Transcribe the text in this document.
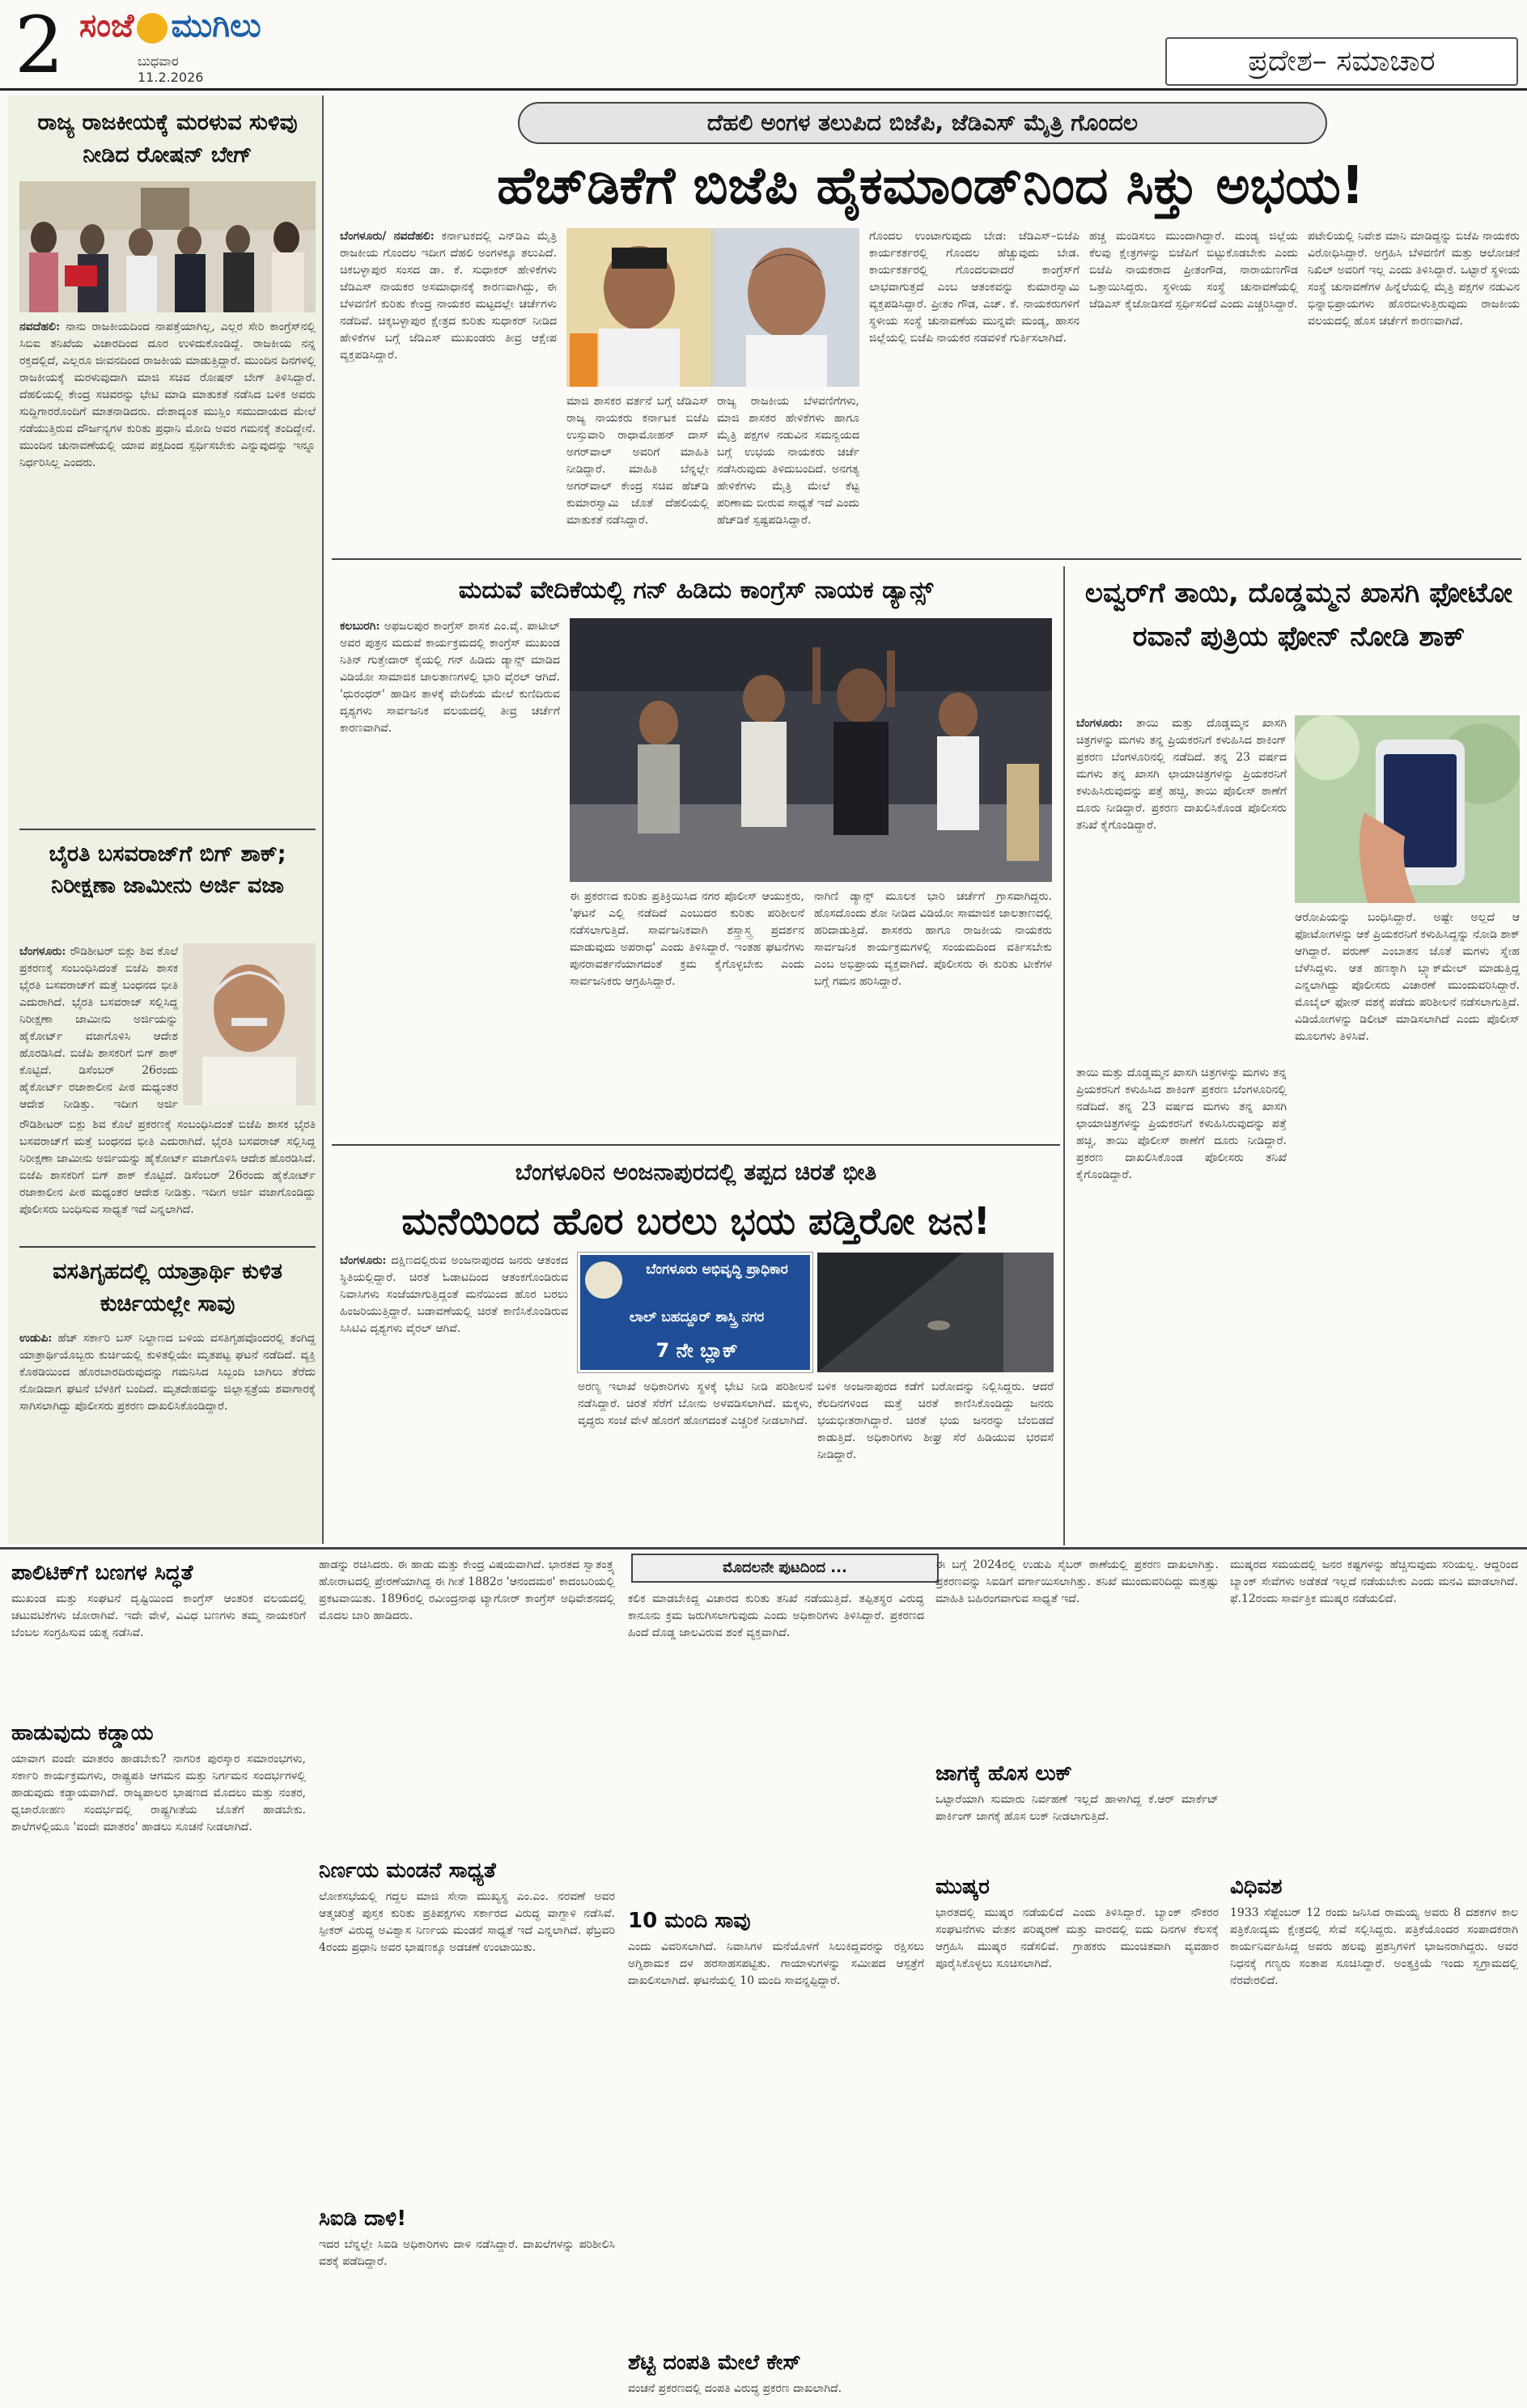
2 ಸಂಜೆ ಮುಗಿಲು
ಬುಧವಾರ
11.2.2026	ಪ್ರದೇಶ– ಸಮಾಚಾರ
ರಾಜ್ಯ ರಾಜಕೀಯಕ್ಕೆ ಮರಳುವ ಸುಳಿವು ನೀಡಿದ ರೋಷನ್ ಬೇಗ್
ನವದೆಹಲಿ: ನಾನು ರಾಜಕೀಯದಿಂದ ನಾಪತ್ತೆಯಾಗಿಲ್ಲ, ಎಲ್ಲರ ಸೇರಿ ಕಾಂಗ್ರೆಸ್‌ನಲ್ಲಿ ಸಿಬಿಐ ತನಿಖೆಯ ವಿಚಾರದಿಂದ ದೂರ ಉಳಿದುಕೊಂಡಿದ್ದೆ. ರಾಜಕೀಯ ನನ್ನ ರಕ್ತದಲ್ಲಿದೆ, ಎಲ್ಲರೂ ಜೀವನದಿಂದ ರಾಜಕೀಯ ಮಾಡುತ್ತಿದ್ದಾರೆ. ಮುಂದಿನ ದಿನಗಳಲ್ಲಿ ರಾಜಕೀಯಕ್ಕೆ ಮರಳುವುದಾಗಿ ಮಾಜಿ ಸಚಿವ ರೋಷನ್ ಬೇಗ್ ತಿಳಿಸಿದ್ದಾರೆ. ದೆಹಲಿಯಲ್ಲಿ ಕೇಂದ್ರ ಸಚಿವರನ್ನು ಭೇಟಿ ಮಾಡಿ ಮಾತುಕತೆ ನಡೆಸಿದ ಬಳಿಕ ಅವರು ಸುದ್ದಿಗಾರರೊಂದಿಗೆ ಮಾತನಾಡಿದರು. ದೇಶಾದ್ಯಂತ ಮುಸ್ಲಿಂ ಸಮುದಾಯದ ಮೇಲೆ ನಡೆಯುತ್ತಿರುವ ದೌರ್ಜನ್ಯಗಳ ಕುರಿತು ಪ್ರಧಾನಿ ಮೋದಿ ಅವರ ಗಮನಕ್ಕೆ ತಂದಿದ್ದೇನೆ. ಮುಂದಿನ ಚುನಾವಣೆಯಲ್ಲಿ ಯಾವ ಪಕ್ಷದಿಂದ ಸ್ಪರ್ಧಿಸಬೇಕು ಎನ್ನುವುದನ್ನು ಇನ್ನೂ ನಿರ್ಧರಿಸಿಲ್ಲ ಎಂದರು.
ಬೈರತಿ ಬಸವರಾಜ್‌ಗೆ ಬಿಗ್ ಶಾಕ್; ನಿರೀಕ್ಷಣಾ ಜಾಮೀನು ಅರ್ಜಿ ವಜಾ
ಬೆಂಗಳೂರು: ರೌಡಿಶೀಟರ್ ಬಿಕ್ಲು ಶಿವ ಕೊಲೆ ಪ್ರಕರಣಕ್ಕೆ ಸಂಬಂಧಿಸಿದಂತೆ ಬಿಜೆಪಿ ಶಾಸಕ ಭೈರತಿ ಬಸವರಾಜ್‌ಗೆ ಮತ್ತೆ ಬಂಧನದ ಭೀತಿ ಎದುರಾಗಿದೆ. ಭೈರತಿ ಬಸವರಾಜ್ ಸಲ್ಲಿಸಿದ್ದ ನಿರೀಕ್ಷಣಾ ಜಾಮೀನು ಅರ್ಜಿಯನ್ನು ಹೈಕೋರ್ಟ್ ವಜಾಗೊಳಿಸಿ ಆದೇಶ ಹೊರಡಿಸಿದೆ. ಬಿಜೆಪಿ ಶಾಸಕರಿಗೆ ಬಿಗ್ ಶಾಕ್ ಕೊಟ್ಟಿದೆ. ಡಿಸೆಂಬರ್ 26ರಂದು ಹೈಕೋರ್ಟ್ ರಜಾಕಾಲೀನ ಪೀಠ ಮಧ್ಯಂತರ ಆದೇಶ ನೀಡಿತ್ತು. ಇದೀಗ ಅರ್ಜಿ
ರೌಡಿಶೀಟರ್ ಬಿಕ್ಲು ಶಿವ ಕೊಲೆ ಪ್ರಕರಣಕ್ಕೆ ಸಂಬಂಧಿಸಿದಂತೆ ಬಿಜೆಪಿ ಶಾಸಕ ಭೈರತಿ ಬಸವರಾಜ್‌ಗೆ ಮತ್ತೆ ಬಂಧನದ ಭೀತಿ ಎದುರಾಗಿದೆ. ಭೈರತಿ ಬಸವರಾಜ್ ಸಲ್ಲಿಸಿದ್ದ ನಿರೀಕ್ಷಣಾ ಜಾಮೀನು ಅರ್ಜಿಯನ್ನು ಹೈಕೋರ್ಟ್ ವಜಾಗೊಳಿಸಿ ಆದೇಶ ಹೊರಡಿಸಿದೆ. ಬಿಜೆಪಿ ಶಾಸಕರಿಗೆ ಬಿಗ್ ಶಾಕ್ ಕೊಟ್ಟಿದೆ. ಡಿಸೆಂಬರ್ 26ರಂದು ಹೈಕೋರ್ಟ್ ರಜಾಕಾಲೀನ ಪೀಠ ಮಧ್ಯಂತರ ಆದೇಶ ನೀಡಿತ್ತು. ಇದೀಗ ಅರ್ಜಿ ವಜಾಗೊಂಡಿದ್ದು ಪೊಲೀಸರು ಬಂಧಿಸುವ ಸಾಧ್ಯತೆ ಇದೆ ಎನ್ನಲಾಗಿದೆ.
ವಸತಿಗೃಹದಲ್ಲಿ ಯಾತ್ರಾರ್ಥಿ ಕುಳಿತ ಕುರ್ಚಿಯಲ್ಲೇ ಸಾವು
ಉಡುಪಿ: ಹೆಚ್ ಸರ್ಕಾರಿ ಬಸ್ ನಿಲ್ದಾಣದ ಬಳಿಯ ವಸತಿಗೃಹವೊಂದರಲ್ಲಿ ತಂಗಿದ್ದ ಯಾತ್ರಾರ್ಥಿಯೊಬ್ಬರು ಕುರ್ಚಿಯಲ್ಲಿ ಕುಳಿತಲ್ಲಿಯೇ ಮೃತಪಟ್ಟ ಘಟನೆ ನಡೆದಿದೆ. ವ್ಯಕ್ತಿ ಕೊಠಡಿಯಿಂದ ಹೊರಬಾರದಿರುವುದನ್ನು ಗಮನಿಸಿದ ಸಿಬ್ಬಂದಿ ಬಾಗಿಲು ತೆರೆದು ನೋಡಿದಾಗ ಘಟನೆ ಬೆಳಕಿಗೆ ಬಂದಿದೆ. ಮೃತದೇಹವನ್ನು ಜಿಲ್ಲಾಸ್ಪತ್ರೆಯ ಶವಾಗಾರಕ್ಕೆ ಸಾಗಿಸಲಾಗಿದ್ದು ಪೊಲೀಸರು ಪ್ರಕರಣ ದಾಖಲಿಸಿಕೊಂಡಿದ್ದಾರೆ.
ದೆಹಲಿ ಅಂಗಳ ತಲುಪಿದ ಬಿಜೆಪಿ, ಜೆಡಿಎಸ್ ಮೈತ್ರಿ ಗೊಂದಲ
ಹೆಚ್‌ಡಿಕೆಗೆ ಬಿಜೆಪಿ ಹೈಕಮಾಂಡ್‌ನಿಂದ ಸಿಕ್ತು ಅಭಯ!
ಬೆಂಗಳೂರು/ ನವದೆಹಲಿ: ಕರ್ನಾಟಕದಲ್ಲಿ ಎನ್‌ಡಿಎ ಮೈತ್ರಿ ರಾಜಕೀಯ ಗೊಂದಲ ಇದೀಗ ದೆಹಲಿ ಅಂಗಳಕ್ಕೂ ತಲುಪಿದೆ. ಚಿಕಬಳ್ಳಾಪುರ ಸಂಸದ ಡಾ. ಕೆ. ಸುಧಾಕರ್ ಹೇಳಿಕೆಗಳು ಜೆಡಿಎಸ್ ನಾಯಕರ ಅಸಮಾಧಾನಕ್ಕೆ ಕಾರಣವಾಗಿದ್ದು, ಈ ಬೆಳವಣಿಗೆ ಕುರಿತು ಕೇಂದ್ರ ನಾಯಕರ ಮಟ್ಟದಲ್ಲೇ ಚರ್ಚೆಗಳು ನಡೆದಿವೆ. ಚಿಕ್ಕಬಳ್ಳಾಪುರ ಕ್ಷೇತ್ರದ ಕುರಿತು ಸುಧಾಕರ್ ನೀಡಿದ ಹೇಳಿಕೆಗಳ ಬಗ್ಗೆ ಜೆಡಿಎಸ್ ಮುಖಂಡರು ತೀವ್ರ ಆಕ್ಷೇಪ ವ್ಯಕ್ತಪಡಿಸಿದ್ದಾರೆ.
ಮಾಜಿ ಶಾಸಕರ ವರ್ತನೆ ಬಗ್ಗೆ ಜೆಡಿಎಸ್ ರಾಜ್ಯ ನಾಯಕರು ಕರ್ನಾಟಕ ಬಿಜೆಪಿ ಉಸ್ತುವಾರಿ ರಾಧಾಮೋಹನ್ ದಾಸ್ ಅಗರ್‌ವಾಲ್ ಅವರಿಗೆ ಮಾಹಿತಿ ನೀಡಿದ್ದಾರೆ. ಮಾಹಿತಿ ಬೆನ್ನಲ್ಲೇ ಅಗರ್‌ವಾಲ್ ಕೇಂದ್ರ ಸಚಿವ ಹೆಚ್‌ಡಿ ಕುಮಾರಸ್ವಾಮಿ ಜೊತೆ ದೆಹಲಿಯಲ್ಲಿ ಮಾತುಕತೆ ನಡೆಸಿದ್ದಾರೆ.
ರಾಜ್ಯ ರಾಜಕೀಯ ಬೆಳವಣಿಗೆಗಳು, ಮಾಜಿ ಶಾಸಕರ ಹೇಳಿಕೆಗಳು ಹಾಗೂ ಮೈತ್ರಿ ಪಕ್ಷಗಳ ನಡುವಿನ ಸಮನ್ವಯದ ಬಗ್ಗೆ ಉಭಯ ನಾಯಕರು ಚರ್ಚೆ ನಡೆಸಿರುವುದು ತಿಳಿದುಬಂದಿದೆ. ಅನಗತ್ಯ ಹೇಳಿಕೆಗಳು ಮೈತ್ರಿ ಮೇಲೆ ಕೆಟ್ಟ ಪರಿಣಾಮ ಬೀರುವ ಸಾಧ್ಯತೆ ಇದೆ ಎಂದು ಹೆಚ್‌ಡಿಕೆ ಸ್ಪಷ್ಟಪಡಿಸಿದ್ದಾರೆ.
ಗೊಂದಲ ಉಂಟಾಗುವುದು ಬೇಡ: ಜೆಡಿಎಸ್–ಬಿಜೆಪಿ ಕಾರ್ಯಕರ್ತರಲ್ಲಿ ಗೊಂದಲ ಹೆಚ್ಚುವುದು ಬೇಡ. ಕಾರ್ಯಕರ್ತರಲ್ಲಿ ಗೊಂದಲವಾದರೆ ಕಾಂಗ್ರೆಸ್‌ಗೆ ಲಾಭವಾಗುತ್ತದೆ ಎಂಬ ಆತಂಕವನ್ನು ಕುಮಾರಸ್ವಾಮಿ ವ್ಯಕ್ತಪಡಿಸಿದ್ದಾರೆ. ಪ್ರೀತಂ ಗೌಡ, ಎಚ್. ಕೆ. ನಾಯಕರುಗಳಿಗೆ ಸ್ಥಳೀಯ ಸಂಸ್ಥೆ ಚುನಾವಣೆಯ ಮುನ್ನವೇ ಮಂಡ್ಯ, ಹಾಸನ ಜಿಲ್ಲೆಯಲ್ಲಿ ಬಿಜೆಪಿ ನಾಯಕರ ನಡವಳಿಕೆ ಗುರ್ತಿಸಲಾಗಿದೆ.
ಹಚ್ಚ ಮಂಡಿಸಲು ಮುಂದಾಗಿದ್ದಾರೆ. ಮಂಡ್ಯ ಜಿಲ್ಲೆಯ ಕೆಲವು ಕ್ಷೇತ್ರಗಳನ್ನು ಬಿಜೆಪಿಗೆ ಬಿಟ್ಟುಕೊಡಬೇಕು ಎಂದು ಬಿಜೆಪಿ ನಾಯಕರಾದ ಪ್ರೀತಂಗೌಡ, ನಾರಾಯಣಗೌಡ ಒತ್ತಾಯಿಸಿದ್ದರು. ಸ್ಥಳೀಯ ಸಂಸ್ಥೆ ಚುನಾವಣೆಯಲ್ಲಿ ಜೆಡಿಎಸ್ ಕೈಜೋಡಿಸದೆ ಸ್ಪರ್ಧಿಸಲಿದೆ ಎಂದು ಎಚ್ಚರಿಸಿದ್ದಾರೆ.
ಪಟೇಲಿಯಲ್ಲಿ ನಿವೇಶ ಮಾನಿ ಮಾಡಿದ್ದನ್ನು ಬಿಜೆಪಿ ನಾಯಕರು ವಿರೋಧಿಸಿದ್ದಾರೆ. ಅಗ್ರಹಿಸಿ ಬೆಳವಣಿಗೆ ಮತ್ತು ಆಲೋಚನೆ ನಿಖಿಲ್ ಅವರಿಗೆ ಇಲ್ಲ ಎಂದು ತಿಳಿಸಿದ್ದಾರೆ. ಒಟ್ಟಾರೆ ಸ್ಥಳೀಯ ಸಂಸ್ಥೆ ಚುನಾವಣೆಗಳ ಹಿನ್ನೆಲೆಯಲ್ಲಿ ಮೈತ್ರಿ ಪಕ್ಷಗಳ ನಡುವಿನ ಭಿನ್ನಾಭಿಪ್ರಾಯಗಳು ಹೊರಬೀಳುತ್ತಿರುವುದು ರಾಜಕೀಯ ವಲಯದಲ್ಲಿ ಹೊಸ ಚರ್ಚೆಗೆ ಕಾರಣವಾಗಿದೆ.
ಮದುವೆ ವೇದಿಕೆಯಲ್ಲಿ ಗನ್ ಹಿಡಿದು ಕಾಂಗ್ರೆಸ್ ನಾಯಕ ಡ್ಯಾನ್ಸ್
ಕಲಬುರಗಿ: ಅಫಜಲಪುರ ಕಾಂಗ್ರೆಸ್ ಶಾಸಕ ಎಂ.ವೈ. ಪಾಟೀಲ್ ಅವರ ಪುತ್ರನ ಮದುವೆ ಕಾರ್ಯಕ್ರಮದಲ್ಲಿ ಕಾಂಗ್ರೆಸ್ ಮುಖಂಡ ನಿತಿನ್ ಗುತ್ತೇದಾರ್ ಕೈಯಲ್ಲಿ ಗನ್ ಹಿಡಿದು ಡ್ಯಾನ್ಸ್ ಮಾಡಿದ ವಿಡಿಯೋ ಸಾಮಾಜಿಕ ಜಾಲತಾಣಗಳಲ್ಲಿ ಭಾರಿ ವೈರಲ್ ಆಗಿದೆ. 'ಧುರಂಧರ್' ಹಾಡಿನ ತಾಳಕ್ಕೆ ವೇದಿಕೆಯ ಮೇಲೆ ಕುಣಿದಿರುವ ದೃಶ್ಯಗಳು ಸಾರ್ವಜನಿಕ ವಲಯದಲ್ಲಿ ತೀವ್ರ ಚರ್ಚೆಗೆ ಕಾರಣವಾಗಿವೆ.
ಈ ಪ್ರಕರಣದ ಕುರಿತು ಪ್ರತಿಕ್ರಿಯಿಸಿದ ನಗರ ಪೊಲೀಸ್ ಆಯುಕ್ತರು, 'ಘಟನೆ ಎಲ್ಲಿ ನಡೆದಿದೆ ಎಂಬುದರ ಕುರಿತು ಪರಿಶೀಲನೆ ನಡೆಸಲಾಗುತ್ತಿದೆ. ಸಾರ್ವಜನಿಕವಾಗಿ ಶಸ್ತ್ರಾಸ್ತ್ರ ಪ್ರದರ್ಶನ ಮಾಡುವುದು ಅಪರಾಧ' ಎಂದು ತಿಳಿಸಿದ್ದಾರೆ. ಇಂತಹ ಘಟನೆಗಳು ಪುನರಾವರ್ತನೆಯಾಗದಂತೆ ಕ್ರಮ ಕೈಗೊಳ್ಳಬೇಕು ಎಂದು ಸಾರ್ವಜನಿಕರು ಆಗ್ರಹಿಸಿದ್ದಾರೆ.
ನಾಗಿಣಿ ಡ್ಯಾನ್ಸ್ ಮೂಲಕ ಭಾರಿ ಚರ್ಚೆಗೆ ಗ್ರಾಸವಾಗಿದ್ದರು. ಹೊಸದೊಂದು ಶೋ ನೀಡಿದ ವಿಡಿಯೋ ಸಾಮಾಜಿಕ ಜಾಲತಾಣದಲ್ಲಿ ಹರಿದಾಡುತ್ತಿದೆ. ಶಾಸಕರು ಹಾಗೂ ರಾಜಕೀಯ ನಾಯಕರು ಸಾರ್ವಜನಿಕ ಕಾರ್ಯಕ್ರಮಗಳಲ್ಲಿ ಸಂಯಮದಿಂದ ವರ್ತಿಸಬೇಕು ಎಂಬ ಅಭಿಪ್ರಾಯ ವ್ಯಕ್ತವಾಗಿದೆ. ಪೊಲೀಸರು ಈ ಕುರಿತು ಟೀಕೆಗಳ ಬಗ್ಗೆ ಗಮನ ಹರಿಸಿದ್ದಾರೆ.
ಲವ್ವರ್‌ಗೆ ತಾಯಿ, ದೊಡ್ಡಮ್ಮನ ಖಾಸಗಿ ಫೋಟೋ ರವಾನೆ ಪುತ್ರಿಯ ಫೋನ್ ನೋಡಿ ಶಾಕ್
ಬೆಂಗಳೂರು: ತಾಯಿ ಮತ್ತು ದೊಡ್ಡಮ್ಮನ ಖಾಸಗಿ ಚಿತ್ರಗಳನ್ನು ಮಗಳು ತನ್ನ ಪ್ರಿಯಕರನಿಗೆ ಕಳುಹಿಸಿದ ಶಾಕಿಂಗ್ ಪ್ರಕರಣ ಬೆಂಗಳೂರಿನಲ್ಲಿ ನಡೆದಿದೆ. ತನ್ನ 23 ವರ್ಷದ ಮಗಳು ತನ್ನ ಖಾಸಗಿ ಛಾಯಾಚಿತ್ರಗಳನ್ನು ಪ್ರಿಯಕರನಿಗೆ ಕಳುಹಿಸಿರುವುದನ್ನು ಪತ್ತೆ ಹಚ್ಚಿ, ತಾಯಿ ಪೊಲೀಸ್ ಠಾಣೆಗೆ ದೂರು ನೀಡಿದ್ದಾರೆ. ಪ್ರಕರಣ ದಾಖಲಿಸಿಕೊಂಡ ಪೊಲೀಸರು ತನಿಖೆ ಕೈಗೊಂಡಿದ್ದಾರೆ.
ಆರೋಪಿಯನ್ನು ಬಂಧಿಸಿದ್ದಾರೆ. ಅಷ್ಟೇ ಅಲ್ಲದೆ ಆ ಫೋಟೋಗಳನ್ನು ಆಕೆ ಪ್ರಿಯಕರನಿಗೆ ಕಳುಹಿಸಿದ್ದನ್ನು ನೋಡಿ ಶಾಕ್ ಆಗಿದ್ದಾರೆ. ವರುಣ್ ಎಂಬಾತನ ಜೊತೆ ಮಗಳು ಸ್ನೇಹ ಬೆಳೆಸಿದ್ದಳು. ಆತ ಹಣಕ್ಕಾಗಿ ಬ್ಲ್ಯಾಕ್‌ಮೇಲ್ ಮಾಡುತ್ತಿದ್ದ ಎನ್ನಲಾಗಿದ್ದು ಪೊಲೀಸರು ವಿಚಾರಣೆ ಮುಂದುವರಿಸಿದ್ದಾರೆ. ಮೊಬೈಲ್ ಫೋನ್ ವಶಕ್ಕೆ ಪಡೆದು ಪರಿಶೀಲನೆ ನಡೆಸಲಾಗುತ್ತಿದೆ. ವಿಡಿಯೋಗಳನ್ನು ಡಿಲೀಟ್ ಮಾಡಿಸಲಾಗಿದೆ ಎಂದು ಪೊಲೀಸ್ ಮೂಲಗಳು ತಿಳಿಸಿವೆ.
ತಾಯಿ ಮತ್ತು ದೊಡ್ಡಮ್ಮನ ಖಾಸಗಿ ಚಿತ್ರಗಳನ್ನು ಮಗಳು ತನ್ನ ಪ್ರಿಯಕರನಿಗೆ ಕಳುಹಿಸಿದ ಶಾಕಿಂಗ್ ಪ್ರಕರಣ ಬೆಂಗಳೂರಿನಲ್ಲಿ ನಡೆದಿದೆ. ತನ್ನ 23 ವರ್ಷದ ಮಗಳು ತನ್ನ ಖಾಸಗಿ ಛಾಯಾಚಿತ್ರಗಳನ್ನು ಪ್ರಿಯಕರನಿಗೆ ಕಳುಹಿಸಿರುವುದನ್ನು ಪತ್ತೆ ಹಚ್ಚಿ, ತಾಯಿ ಪೊಲೀಸ್ ಠಾಣೆಗೆ ದೂರು ನೀಡಿದ್ದಾರೆ. ಪ್ರಕರಣ ದಾಖಲಿಸಿಕೊಂಡ ಪೊಲೀಸರು ತನಿಖೆ ಕೈಗೊಂಡಿದ್ದಾರೆ.
ಬೆಂಗಳೂರಿನ ಅಂಜನಾಪುರದಲ್ಲಿ ತಪ್ಪದ ಚಿರತೆ ಭೀತಿ
ಮನೆಯಿಂದ ಹೊರ ಬರಲು ಭಯ ಪಡ್ತಿರೋ ಜನ!
ಬೆಂಗಳೂರು: ದಕ್ಷಿಣದಲ್ಲಿರುವ ಅಂಜನಾಪುರದ ಜನರು ಆತಂಕದ ಸ್ಥಿತಿಯಲ್ಲಿದ್ದಾರೆ. ಚಿರತೆ ಓಡಾಟದಿಂದ ಆತಂಕಗೊಂಡಿರುವ ನಿವಾಸಿಗಳು ಸಂಜೆಯಾಗುತ್ತಿದ್ದಂತೆ ಮನೆಯಿಂದ ಹೊರ ಬರಲು ಹಿಂಜರಿಯುತ್ತಿದ್ದಾರೆ. ಬಡಾವಣೆಯಲ್ಲಿ ಚಿರತೆ ಕಾಣಿಸಿಕೊಂಡಿರುವ ಸಿಸಿಟಿವಿ ದೃಶ್ಯಗಳು ವೈರಲ್ ಆಗಿವೆ.
ಬೆಂಗಳೂರು ಅಭಿವೃದ್ಧಿ ಪ್ರಾಧಿಕಾರ
ಲಾಲ್ ಬಹದ್ದೂರ್ ಶಾಸ್ತ್ರಿ ನಗರ
7 ನೇ ಬ್ಲಾಕ್
ಅರಣ್ಯ ಇಲಾಖೆ ಅಧಿಕಾರಿಗಳು ಸ್ಥಳಕ್ಕೆ ಭೇಟಿ ನೀಡಿ ಪರಿಶೀಲನೆ ನಡೆಸಿದ್ದಾರೆ. ಚಿರತೆ ಸೆರೆಗೆ ಬೋನು ಅಳವಡಿಸಲಾಗಿದೆ. ಮಕ್ಕಳು, ವೃದ್ಧರು ಸಂಜೆ ವೇಳೆ ಹೊರಗೆ ಹೋಗದಂತೆ ಎಚ್ಚರಿಕೆ ನೀಡಲಾಗಿದೆ.
ಬಳಿಕ ಅಂಜನಾಪುರದ ಕಡೆಗೆ ಬರೋದನ್ನು ನಿಲ್ಲಿಸಿದ್ದರು. ಆದರೆ ಕೆಲದಿನಗಳಿಂದ ಮತ್ತೆ ಚಿರತೆ ಕಾಣಿಸಿಕೊಂಡಿದ್ದು ಜನರು ಭಯಭೀತರಾಗಿದ್ದಾರೆ. ಚಿರತೆ ಭಯ ಜನರನ್ನು ಬೆಂಬಿಡದೆ ಕಾಡುತ್ತಿದೆ. ಅಧಿಕಾರಿಗಳು ಶೀಘ್ರ ಸೆರೆ ಹಿಡಿಯುವ ಭರವಸೆ ನೀಡಿದ್ದಾರೆ.
ಮೊದಲನೇ ಪುಟದಿಂದ ...
ಪಾಲಿಟಿಕ್‌ಗೆ ಬಣಗಳ ಸಿದ್ಧತೆ
ಮುಖಂಡ ಮತ್ತು ಸಂಘಟನೆ ದೃಷ್ಟಿಯಿಂದ ಕಾಂಗ್ರೆಸ್ ಆಂತರಿಕ ವಲಯದಲ್ಲಿ ಚಟುವಟಿಕೆಗಳು ಜೋರಾಗಿವೆ. ಇದೇ ವೇಳೆ, ವಿವಿಧ ಬಣಗಳು ತಮ್ಮ ನಾಯಕರಿಗೆ ಬೆಂಬಲ ಸಂಗ್ರಹಿಸುವ ಯತ್ನ ನಡೆಸಿವೆ.
ಹಾಡುವುದು ಕಡ್ಡಾಯ
ಯಾವಾಗ ವಂದೇ ಮಾತರಂ ಹಾಡಬೇಕು? ನಾಗರಿಕ ಪುರಸ್ಕಾರ ಸಮಾರಂಭಗಳು, ಸರ್ಕಾರಿ ಕಾರ್ಯಕ್ರಮಗಳು, ರಾಷ್ಟ್ರಪತಿ ಆಗಮನ ಮತ್ತು ನಿರ್ಗಮನ ಸಂದರ್ಭಗಳಲ್ಲಿ ಹಾಡುವುದು ಕಡ್ಡಾಯವಾಗಿದೆ. ರಾಜ್ಯಪಾಲರ ಭಾಷಣದ ಮೊದಲು ಮತ್ತು ನಂತರ, ಧ್ವಜಾರೋಹಣ ಸಂದರ್ಭದಲ್ಲಿ ರಾಷ್ಟ್ರಗೀತೆಯ ಜೊತೆಗೆ ಹಾಡಬೇಕು. ಶಾಲೆಗಳಲ್ಲಿಯೂ 'ವಂದೇ ಮಾತರಂ' ಹಾಡಲು ಸೂಚನೆ ನೀಡಲಾಗಿದೆ.
ಹಾಡನ್ನು ರಚಿಸಿದರು. ಈ ಹಾಡು ಮತ್ತು ಕೇಂದ್ರ ವಿಷಯವಾಗಿದೆ. ಭಾರತದ ಸ್ವಾತಂತ್ರ್ಯ ಹೋರಾಟದಲ್ಲಿ ಪ್ರೇರಣೆಯಾಗಿದ್ದ ಈ ಗೀತೆ 1882ರ 'ಆನಂದಮಠ' ಕಾದಂಬರಿಯಲ್ಲಿ ಪ್ರಕಟವಾಯಿತು. 1896ರಲ್ಲಿ ರವೀಂದ್ರನಾಥ ಟ್ಯಾಗೋರ್ ಕಾಂಗ್ರೆಸ್ ಅಧಿವೇಶನದಲ್ಲಿ ಮೊದಲ ಬಾರಿ ಹಾಡಿದರು.
ನಿರ್ಣಯ ಮಂಡನೆ ಸಾಧ್ಯತೆ
ಲೋಕಸಭೆಯಲ್ಲಿ ಗದ್ದಲ ಮಾಜಿ ಸೇನಾ ಮುಖ್ಯಸ್ಥ ಎಂ.ಎಂ. ನರವಣೆ ಅವರ ಆತ್ಮಚರಿತ್ರೆ ಪುಸ್ತಕ ಕುರಿತು ಪ್ರತಿಪಕ್ಷಗಳು ಸರ್ಕಾರದ ವಿರುದ್ಧ ವಾಗ್ದಾಳಿ ನಡೆಸಿವೆ. ಸ್ಪೀಕರ್ ವಿರುದ್ಧ ಅವಿಶ್ವಾಸ ನಿರ್ಣಯ ಮಂಡನೆ ಸಾಧ್ಯತೆ ಇದೆ ಎನ್ನಲಾಗಿದೆ. ಫೆಬ್ರವರಿ 4ರಂದು ಪ್ರಧಾನಿ ಅವರ ಭಾಷಣಕ್ಕೂ ಅಡಚಣೆ ಉಂಟಾಯಿತು.
ಸಿಐಡಿ ದಾಳಿ!
ಇದರ ಬೆನ್ನಲ್ಲೇ ಸಿಐಡಿ ಅಧಿಕಾರಿಗಳು ದಾಳಿ ನಡೆಸಿದ್ದಾರೆ. ದಾಖಲೆಗಳನ್ನು ಪರಿಶೀಲಿಸಿ ವಶಕ್ಕೆ ಪಡೆದಿದ್ದಾರೆ.
ಕಲಿಕ ಮಾಡಬೇಕಿದ್ದ ವಿಚಾರದ ಕುರಿತು ತನಿಖೆ ನಡೆಯುತ್ತಿದೆ. ತಪ್ಪಿತಸ್ಥರ ವಿರುದ್ಧ ಕಾನೂನು ಕ್ರಮ ಜರುಗಿಸಲಾಗುವುದು ಎಂದು ಅಧಿಕಾರಿಗಳು ತಿಳಿಸಿದ್ದಾರೆ. ಪ್ರಕರಣದ ಹಿಂದೆ ದೊಡ್ಡ ಜಾಲವಿರುವ ಶಂಕೆ ವ್ಯಕ್ತವಾಗಿದೆ.
10 ಮಂದಿ ಸಾವು
ಎಂದು ವಿವರಿಸಲಾಗಿದೆ. ನಿವಾಸಿಗಳ ಮನೆಯೊಳಗೆ ಸಿಲುಕಿದ್ದವರನ್ನು ರಕ್ಷಿಸಲು ಅಗ್ನಿಶಾಮಕ ದಳ ಹರಸಾಹಸಪಟ್ಟಿತು. ಗಾಯಾಳುಗಳನ್ನು ಸಮೀಪದ ಆಸ್ಪತ್ರೆಗೆ ದಾಖಲಿಸಲಾಗಿದೆ. ಘಟನೆಯಲ್ಲಿ 10 ಮಂದಿ ಸಾವನ್ನಪ್ಪಿದ್ದಾರೆ.
ಶೆಟ್ಟಿ ದಂಪತಿ ಮೇಲೆ ಕೇಸ್
ವಂಚನೆ ಪ್ರಕರಣದಲ್ಲಿ ದಂಪತಿ ವಿರುದ್ಧ ಪ್ರಕರಣ ದಾಖಲಾಗಿದೆ.
ಈ ಬಗ್ಗೆ 2024ರಲ್ಲಿ ಉಡುಪಿ ಸೈಬರ್ ಠಾಣೆಯಲ್ಲಿ ಪ್ರಕರಣ ದಾಖಲಾಗಿತ್ತು. ಪ್ರಕರಣವನ್ನು ಸಿಐಡಿಗೆ ವರ್ಗಾಯಿಸಲಾಗಿತ್ತು. ತನಿಖೆ ಮುಂದುವರಿದಿದ್ದು ಮತ್ತಷ್ಟು ಮಾಹಿತಿ ಬಹಿರಂಗವಾಗುವ ಸಾಧ್ಯತೆ ಇದೆ.
ಜಾಗಕ್ಕೆ ಹೊಸ ಲುಕ್
ಒಟ್ಟಾರೆಯಾಗಿ ಸುಮಾರು ನಿರ್ವಹಣೆ ಇಲ್ಲದೆ ಹಾಳಾಗಿದ್ದ ಕೆ.ಆರ್ ಮಾರ್ಕೆಟ್ ಪಾರ್ಕಿಂಗ್ ಜಾಗಕ್ಕೆ ಹೊಸ ಲುಕ್ ನೀಡಲಾಗುತ್ತಿದೆ.
ಮುಷ್ಕರ
ಭಾರತದಲ್ಲಿ ಮುಷ್ಕರ ನಡೆಯಲಿದೆ ಎಂದು ತಿಳಿಸಿದ್ದಾರೆ. ಬ್ಯಾಂಕ್ ನೌಕರರ ಸಂಘಟನೆಗಳು ವೇತನ ಪರಿಷ್ಕರಣೆ ಮತ್ತು ವಾರದಲ್ಲಿ ಐದು ದಿನಗಳ ಕೆಲಸಕ್ಕೆ ಆಗ್ರಹಿಸಿ ಮುಷ್ಕರ ನಡೆಸಲಿವೆ. ಗ್ರಾಹಕರು ಮುಂಚಿತವಾಗಿ ವ್ಯವಹಾರ ಪೂರೈಸಿಕೊಳ್ಳಲು ಸೂಚಿಸಲಾಗಿದೆ.
ಮುಷ್ಕರದ ಸಮಯದಲ್ಲಿ ಜನರ ಕಷ್ಟಗಳನ್ನು ಹೆಚ್ಚಿಸುವುದು ಸರಿಯಲ್ಲ. ಆದ್ದರಿಂದ ಬ್ಯಾಂಕ್ ಸೇವೆಗಳು ಅಡೆತಡೆ ಇಲ್ಲದೆ ನಡೆಯಬೇಕು ಎಂದು ಮನವಿ ಮಾಡಲಾಗಿದೆ. ಫೆ.12ರಂದು ಸಾರ್ವತ್ರಿಕ ಮುಷ್ಕರ ನಡೆಯಲಿದೆ.
ವಿಧಿವಶ
1933 ಸೆಪ್ಟೆಂಬರ್ 12 ರಂದು ಜನಿಸಿದ ರಾಮಯ್ಯ ಅವರು 8 ದಶಕಗಳ ಕಾಲ ಪತ್ರಿಕೋದ್ಯಮ ಕ್ಷೇತ್ರದಲ್ಲಿ ಸೇವೆ ಸಲ್ಲಿಸಿದ್ದರು. ಪತ್ರಿಕೆಯೊಂದರ ಸಂಪಾದಕರಾಗಿ ಕಾರ್ಯನಿರ್ವಹಿಸಿದ್ದ ಅವರು ಹಲವು ಪ್ರಶಸ್ತಿಗಳಿಗೆ ಭಾಜನರಾಗಿದ್ದರು. ಅವರ ನಿಧನಕ್ಕೆ ಗಣ್ಯರು ಸಂತಾಪ ಸೂಚಿಸಿದ್ದಾರೆ. ಅಂತ್ಯಕ್ರಿಯೆ ಇಂದು ಸ್ವಗ್ರಾಮದಲ್ಲಿ ನೆರವೇರಲಿದೆ.
